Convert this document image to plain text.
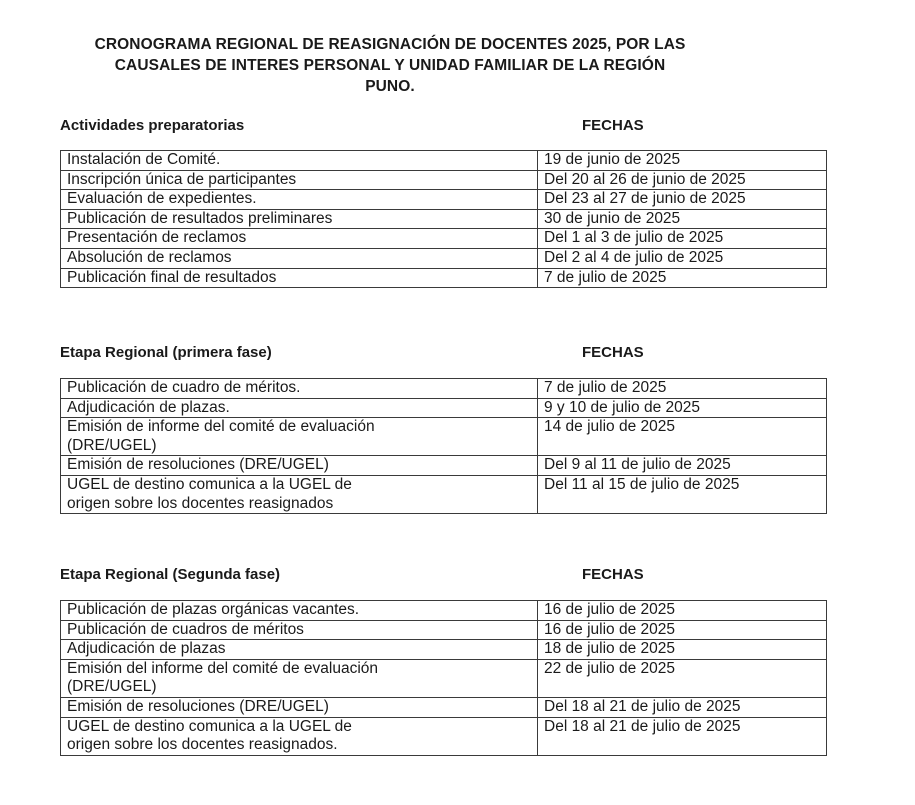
CRONOGRAMA REGIONAL DE REASIGNACIÓN DE DOCENTES 2025, POR LAS
CAUSALES DE INTERES PERSONAL Y UNIDAD FAMILIAR DE LA REGIÓN
PUNO.
Actividades preparatorias	FECHAS
Instalación de Comité.	19 de junio de 2025
Inscripción única de participantes	Del 20 al 26 de junio de 2025
Evaluación de expedientes.	Del 23 al 27 de junio de 2025
Publicación de resultados preliminares	30 de junio de 2025
Presentación de reclamos	Del 1 al 3 de julio de 2025
Absolución de reclamos	Del 2 al 4 de julio de 2025
Publicación final de resultados	7 de julio de 2025
Etapa Regional (primera fase)	FECHAS
Publicación de cuadro de méritos.	7 de julio de 2025
Adjudicación de plazas.	9 y 10 de julio de 2025

Emisión de informe del comité de evaluación
(DRE/UGEL)	14 de julio de 2025
Emisión de resoluciones (DRE/UGEL)	Del 9 al 11 de julio de 2025

UGEL de destino comunica a la UGEL de
origen sobre los docentes reasignados	Del 11 al 15 de julio de 2025
Etapa Regional (Segunda fase)	FECHAS
Publicación de plazas orgánicas vacantes.	16 de julio de 2025
Publicación de cuadros de méritos	16 de julio de 2025
Adjudicación de plazas	18 de julio de 2025

Emisión del informe del comité de evaluación
(DRE/UGEL)	22 de julio de 2025
Emisión de resoluciones (DRE/UGEL)	Del 18 al 21 de julio de 2025

UGEL de destino comunica a la UGEL de
origen sobre los docentes reasignados.	Del 18 al 21 de julio de 2025
